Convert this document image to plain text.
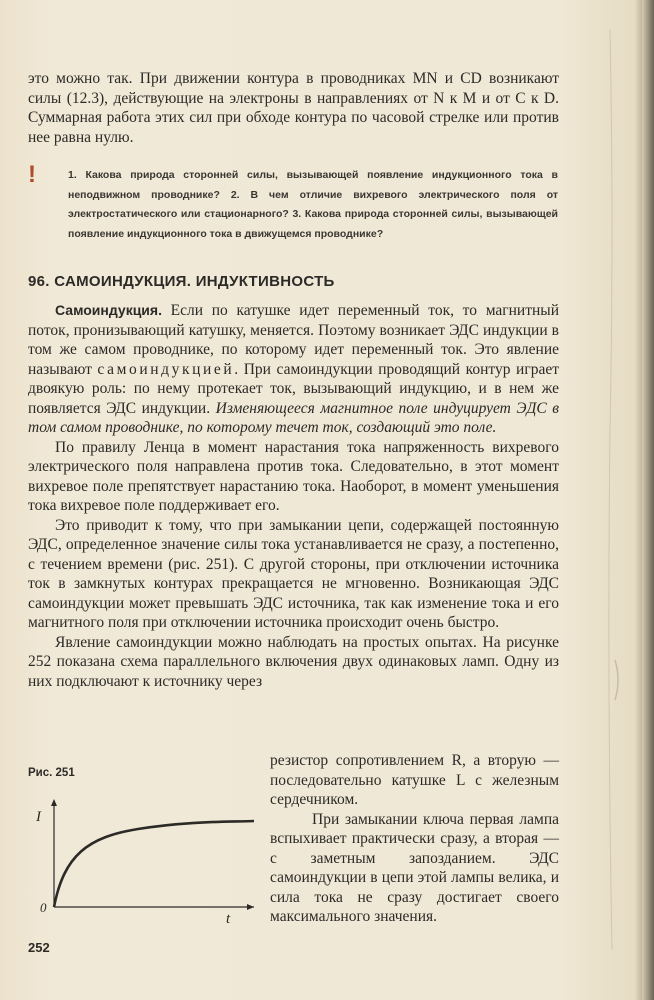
это можно так. При движении контура в проводниках MN и CD возникают силы (12.3), действующие на электроны в направлениях от N к M и от C к D. Суммарная работа этих сил при обходе контура по часовой стрелке или против нее равна нулю.

!	1. Какова природа сторонней силы, вызывающей появление индукционного тока в неподвижном проводнике? 2. В чем отличие вихревого электрического поля от электростатического или стационарного? 3. Какова природа сторонней силы, вызывающей появление индукционного тока в движущемся проводнике?
96. САМОИНДУКЦИЯ. ИНДУКТИВНОСТЬ

Самоиндукция. Если по катушке идет переменный ток, то магнитный поток, пронизывающий катушку, меняется. Поэтому возникает ЭДС индукции в том же самом проводнике, по которому идет переменный ток. Это явление называют самоиндукцией. При самоиндукции проводящий контур играет двоякую роль: по нему протекает ток, вызывающий индукцию, и в нем же появляется ЭДС индукции. Изменяющееся магнитное поле индуцирует ЭДС в том самом проводнике, по которому течет ток, создающий это поле.

По правилу Ленца в момент нарастания тока напряженность вихревого электрического поля направлена против тока. Следовательно, в этот момент вихревое поле препятствует нарастанию тока. Наоборот, в момент уменьшения тока вихревое поле поддерживает его.

Это приводит к тому, что при замыкании цепи, содержащей постоянную ЭДС, определенное значение силы тока устанавливается не сразу, а постепенно, с течением времени (рис. 251). С другой стороны, при отключении источника ток в замкнутых контурах прекращается не мгновенно. Возникающая ЭДС самоиндукции может превышать ЭДС источника, так как изменение тока и его магнитного поля при отключении источника происходит очень быстро.

Явление самоиндукции можно наблюдать на простых опытах. На рисунке 252 показана схема параллельного включения двух одинаковых ламп. Одну из них подключают к источнику через

Рис. 251
I
t
0

резистор сопротивлением R, а вторую — последовательно катушке L с железным сердечником.

При замыкании ключа первая лампа вспыхивает практически сразу, а вторая — с заметным запозданием. ЭДС самоиндукции в цепи этой лампы велика, и сила тока не сразу достигает своего максимального значения.

252
